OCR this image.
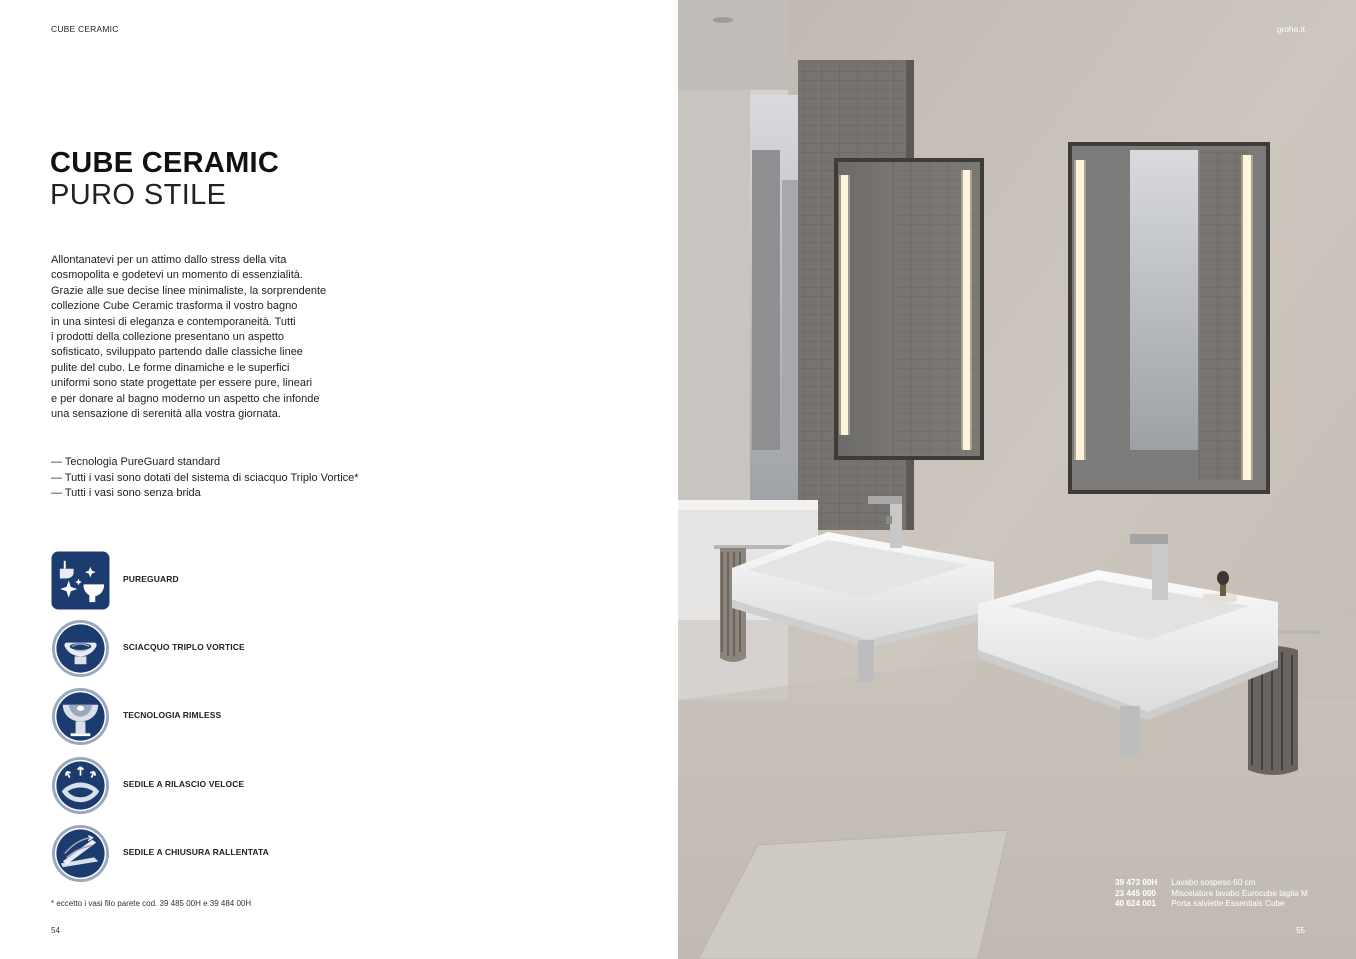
CUBE CERAMIC
CUBE CERAMIC
PURO STILE

Allontanatevi per un attimo dallo stress della vita
cosmopolita e godetevi un momento di essenzialità.
Grazie alle sue decise linee minimaliste, la sorprendente
collezione Cube Ceramic trasforma il vostro bagno
in una sintesi di eleganza e contemporaneità. Tutti
i prodotti della collezione presentano un aspetto
sofisticato, sviluppato partendo dalle classiche linee
pulite del cubo. Le forme dinamiche e le superfici
uniformi sono state progettate per essere pure, lineari
e per donare al bagno moderno un aspetto che infonde
una sensazione di serenità alla vostra giornata.

— Tecnologia PureGuard standard
— Tutti i vasi sono dotati del sistema di sciacquo Triplo Vortice*
— Tutti i vasi sono senza brida
PUREGUARD
SCIACQUO TRIPLO VORTICE
TECNOLOGIA RIMLESS
SEDILE A RILASCIO VELOCE
SEDILE A CHIUSURA RALLENTATA
* eccetto i vasi filo parete cod. 39 485 00H e 39 484 00H
54
grohe.it
39 473 00H Lavabo sospeso 60 cm
23 445 000 Miscelatore lavabo Eurocube taglia M
40 624 001 Porta salviette Essentials Cube
55
